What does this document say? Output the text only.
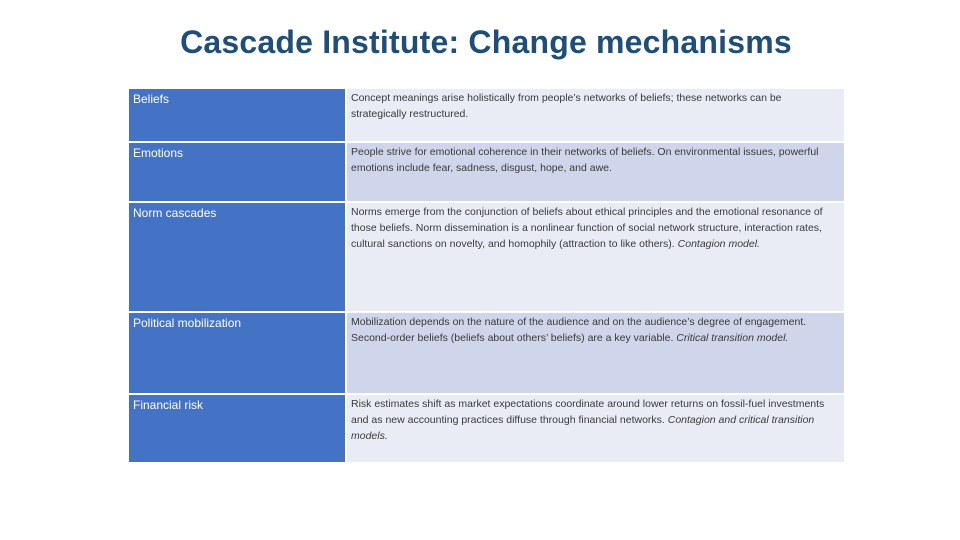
Cascade Institute: Change mechanisms
Beliefs	Concept meanings arise holistically from people’s networks of beliefs; these networks can be strategically restructured.
Emotions	People strive for emotional coherence in their networks of beliefs. On environmental issues, powerful emotions include fear, sadness, disgust, hope, and awe.
Norm cascades	Norms emerge from the conjunction of beliefs about ethical principles and the emotional resonance of those beliefs. Norm dissemination is a nonlinear function of social network structure, interaction rates, cultural sanctions on novelty, and homophily (attraction to like others). Contagion model.
Political mobilization	Mobilization depends on the nature of the audience and on the audience’s degree of engagement. Second-order beliefs (beliefs about others’ beliefs) are a key variable. Critical transition model.
Financial risk	Risk estimates shift as market expectations coordinate around lower returns on fossil-fuel investments and as new accounting practices diffuse through financial networks. Contagion and critical transition models.
